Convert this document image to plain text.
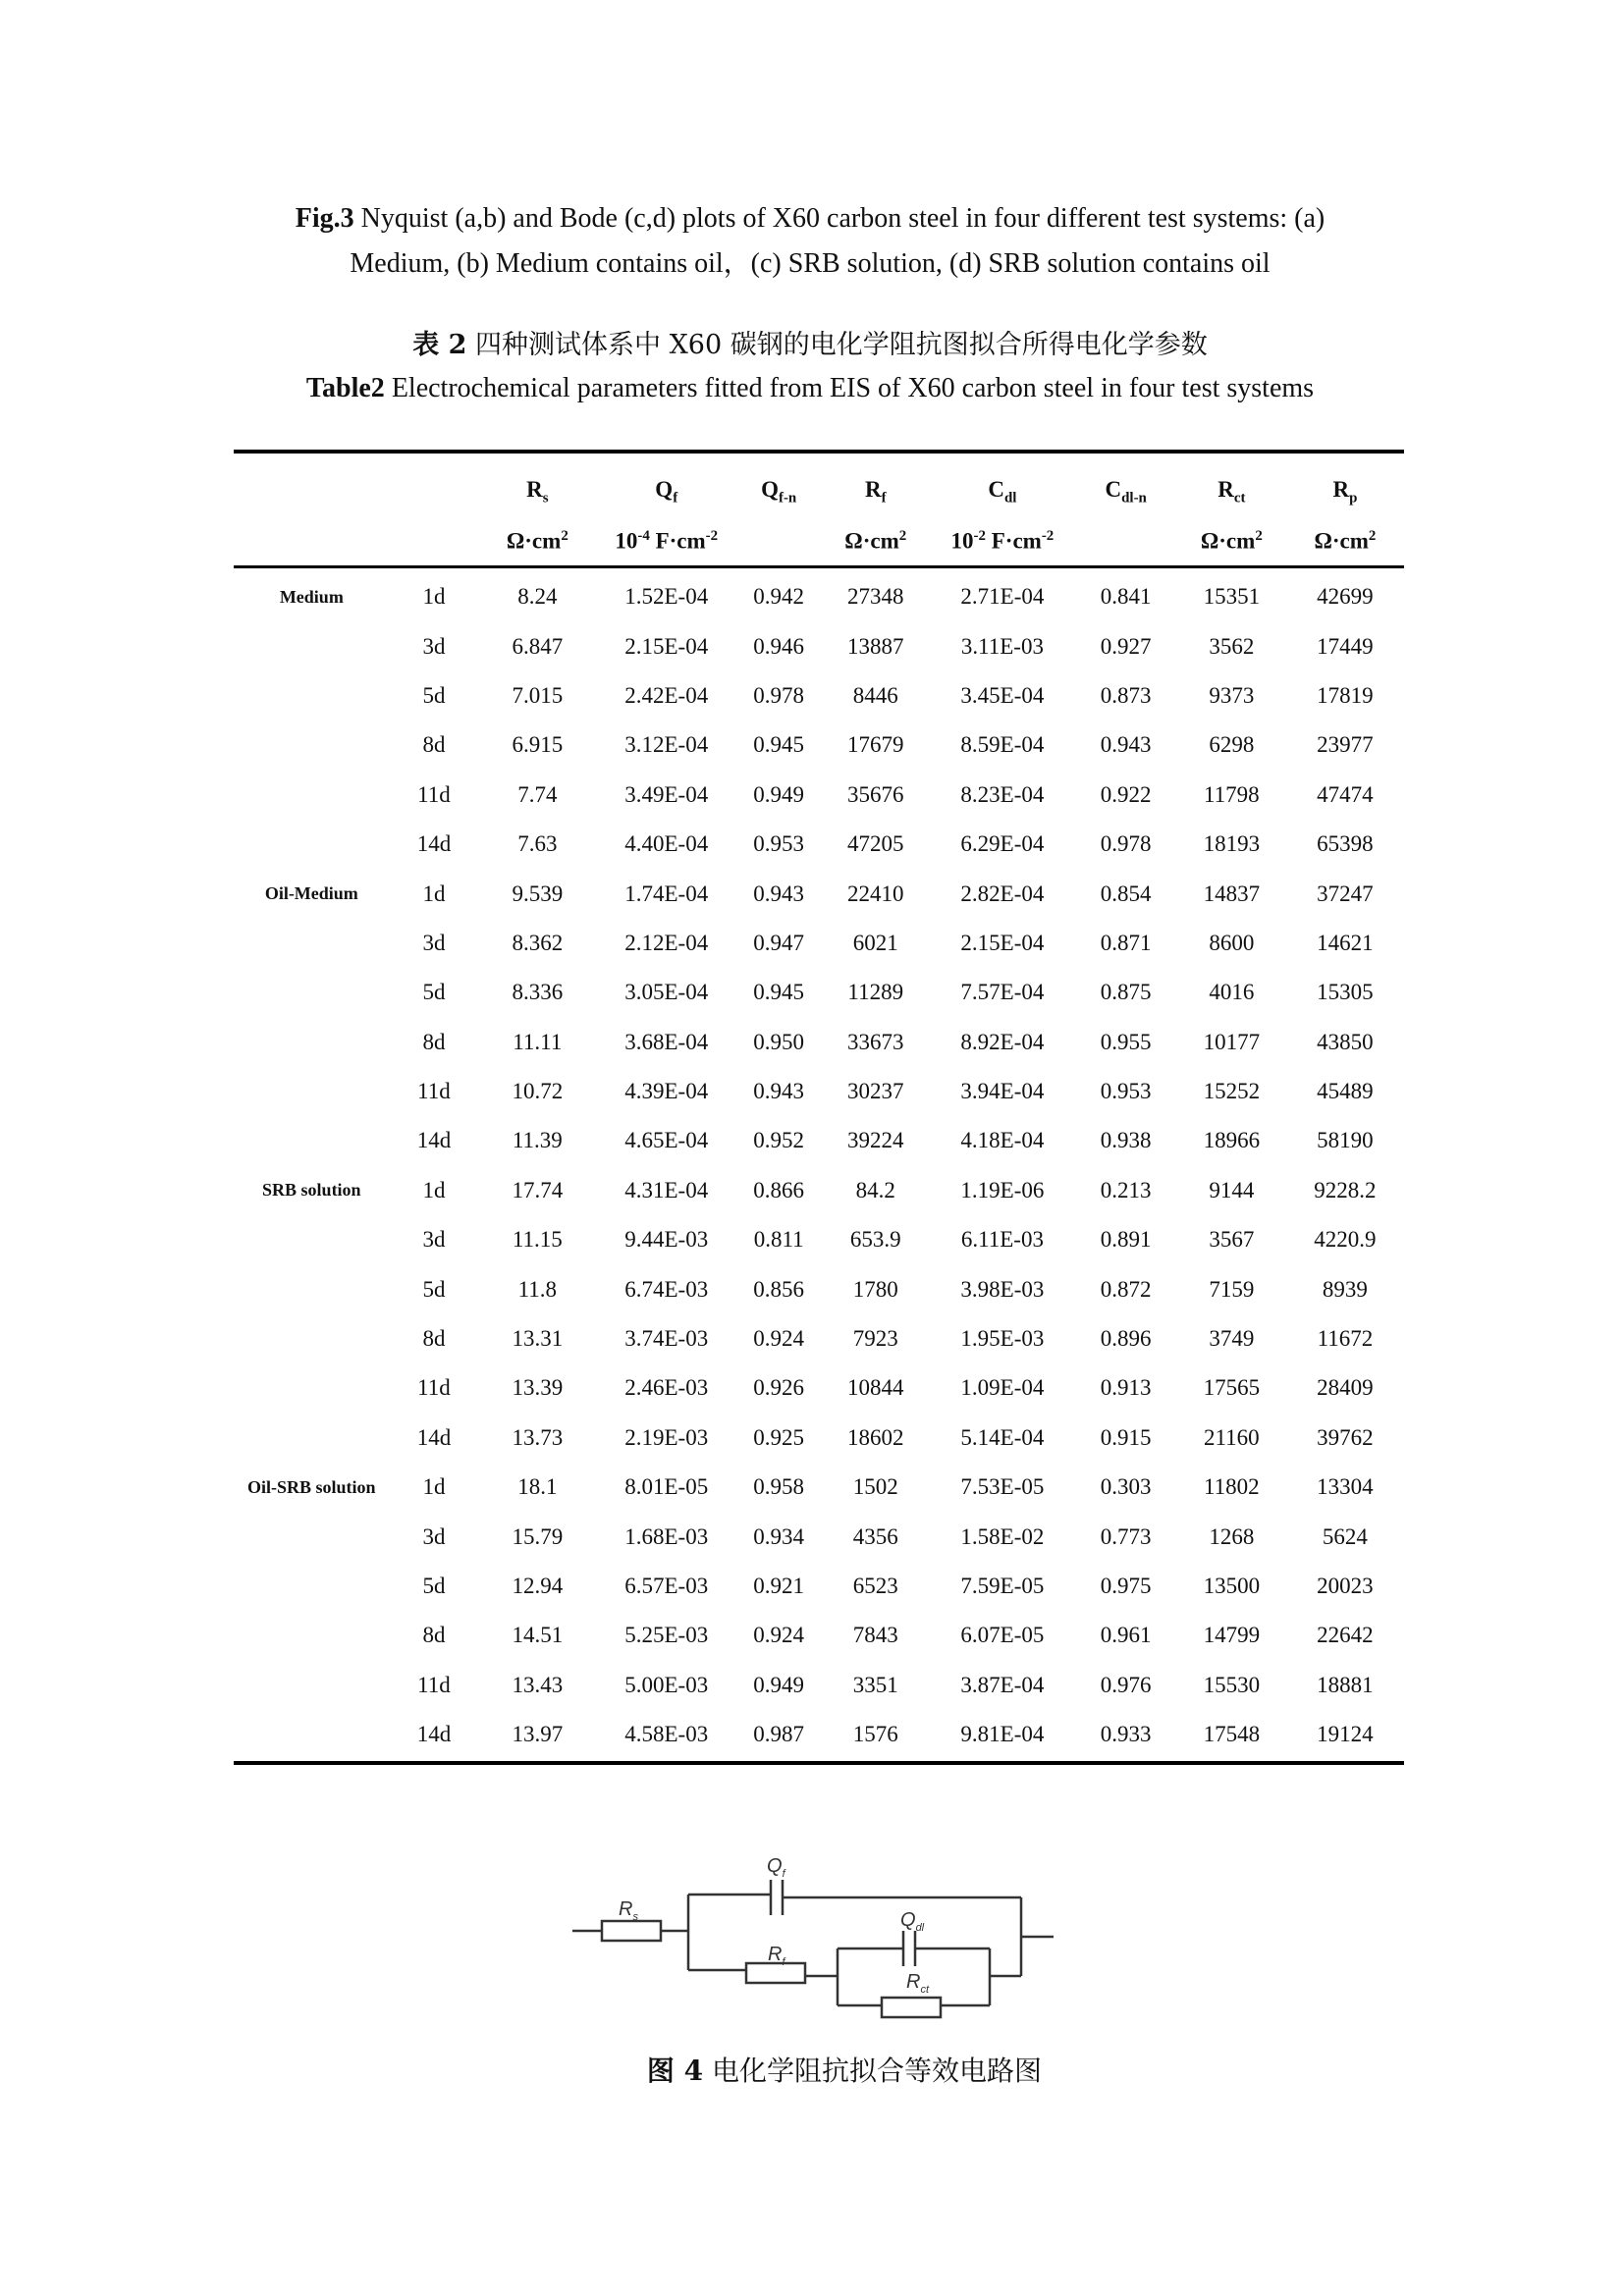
Fig.3 Nyquist (a,b) and Bode (c,d) plots of X60 carbon steel in four different test systems: (a)
Medium, (b) Medium contains oil，(c) SRB solution, (d) SRB solution contains oil
表 2 四种测试体系中 X60 碳钢的电化学阻抗图拟合所得电化学参数
Table2 Electrochemical parameters fitted from EIS of X60 carbon steel in four test systems
		$R_s$	$Q_f$	$Q_{f-n}$	$R_f$	$C_{dl}$	$C_{dl-n}$	$R_{ct}$	$R_p$
		$\Omega\cdot cm^2$	$10^{-4}$ $F\cdot cm^{-2}$		$\Omega\cdot cm^2$	$10^{-2}$ $F\cdot cm^{-2}$		$\Omega\cdot cm^2$	$\Omega\cdot cm^2$
Medium	1d	8.24	1.52E-04	0.942	27348	2.71E-04	0.841	15351	42699
	3d	6.847	2.15E-04	0.946	13887	3.11E-03	0.927	3562	17449
	5d	7.015	2.42E-04	0.978	8446	3.45E-04	0.873	9373	17819
	8d	6.915	3.12E-04	0.945	17679	8.59E-04	0.943	6298	23977
	11d	7.74	3.49E-04	0.949	35676	8.23E-04	0.922	11798	47474
	14d	7.63	4.40E-04	0.953	47205	6.29E-04	0.978	18193	65398
Oil-Medium	1d	9.539	1.74E-04	0.943	22410	2.82E-04	0.854	14837	37247
	3d	8.362	2.12E-04	0.947	6021	2.15E-04	0.871	8600	14621
	5d	8.336	3.05E-04	0.945	11289	7.57E-04	0.875	4016	15305
	8d	11.11	3.68E-04	0.950	33673	8.92E-04	0.955	10177	43850
	11d	10.72	4.39E-04	0.943	30237	3.94E-04	0.953	15252	45489
	14d	11.39	4.65E-04	0.952	39224	4.18E-04	0.938	18966	58190
SRB solution	1d	17.74	4.31E-04	0.866	84.2	1.19E-06	0.213	9144	9228.2
	3d	11.15	9.44E-03	0.811	653.9	6.11E-03	0.891	3567	4220.9
	5d	11.8	6.74E-03	0.856	1780	3.98E-03	0.872	7159	8939
	8d	13.31	3.74E-03	0.924	7923	1.95E-03	0.896	3749	11672
	11d	13.39	2.46E-03	0.926	10844	1.09E-04	0.913	17565	28409
	14d	13.73	2.19E-03	0.925	18602	5.14E-04	0.915	21160	39762
Oil-SRB solution	1d	18.1	8.01E-05	0.958	1502	7.53E-05	0.303	11802	13304
	3d	15.79	1.68E-03	0.934	4356	1.58E-02	0.773	1268	5624
	5d	12.94	6.57E-03	0.921	6523	7.59E-05	0.975	13500	20023
	8d	14.51	5.25E-03	0.924	7843	6.07E-05	0.961	14799	22642
	11d	13.43	5.00E-03	0.949	3351	3.87E-04	0.976	15530	18881
	14d	13.97	4.58E-03	0.987	1576	9.81E-04	0.933	17548	19124
$R_s$
$Q_f$
$R_f$
$Q_{dl}$
$R_{ct}$
图 4 电化学阻抗拟合等效电路图
